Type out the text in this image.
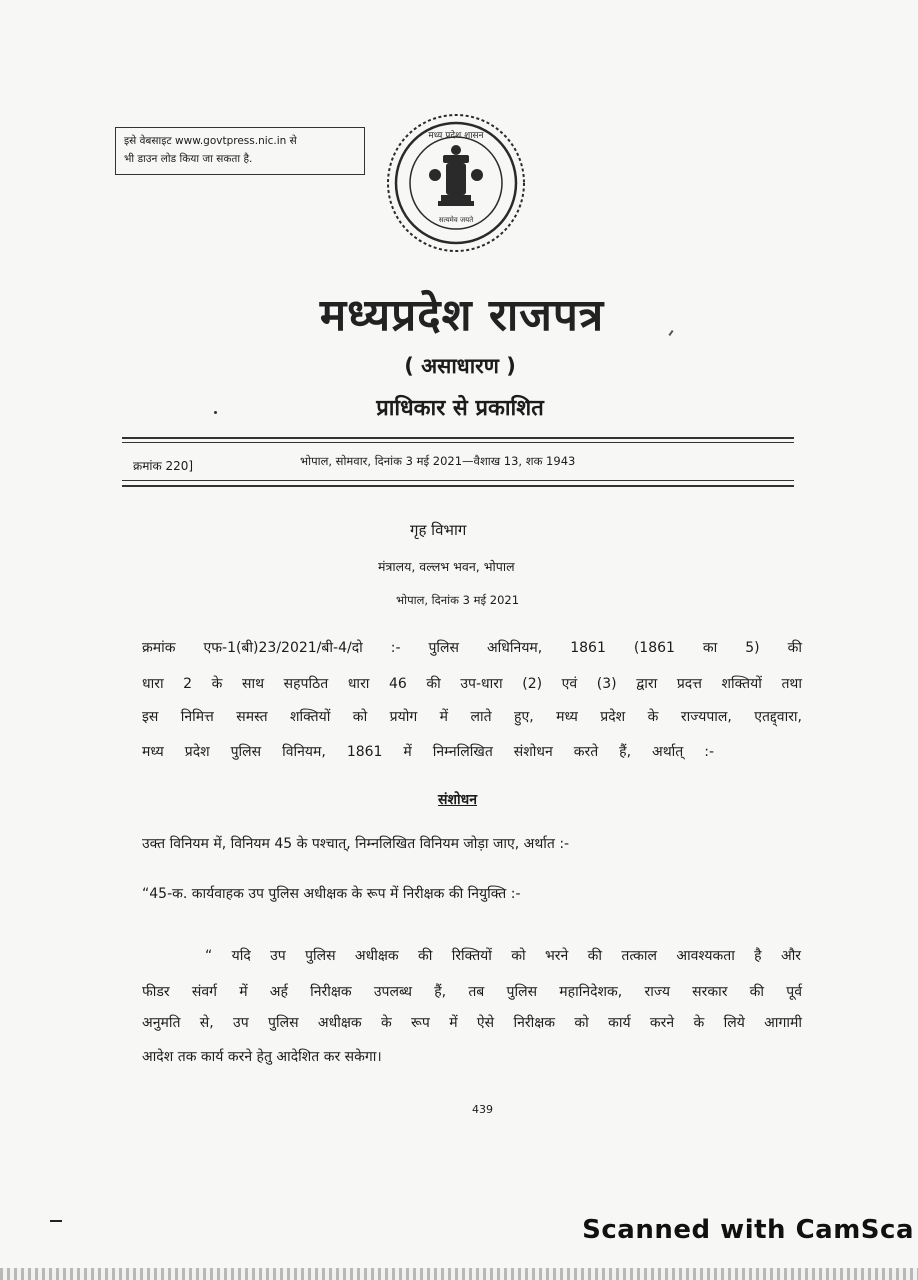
इसे वेबसाइट www.govtpress.nic.in से
भी डाउन लोड किया जा सकता है.
मध्य प्रदेश शासन
सत्यमेव जयते
मध्यप्रदेश राजपत्र
( असाधारण )
प्राधिकार से प्रकाशित
क्रमांक 220]	भोपाल, सोमवार, दिनांक 3 मई 2021—वैशाख 13, शक 1943
गृह विभाग
मंत्रालय, वल्लभ भवन, भोपाल
भोपाल, दिनांक 3 मई 2021
क्रमांक एफ-1(बी)23/2021/बी-4/दो :- पुलिस अधिनियम, 1861 (1861 का 5) की
धारा 2 के साथ सहपठित धारा 46 की उप-धारा (2) एवं (3) द्वारा प्रदत्त शक्तियों तथा
इस निमित्त समस्त शक्तियों को प्रयोग में लाते हुए, मध्य प्रदेश के राज्यपाल, एतद्द्वारा,
मध्य प्रदेश पुलिस विनियम, 1861 में निम्नलिखित संशोधन करते हैं, अर्थात् :-
संशोधन
उक्त विनियम में, विनियम 45 के पश्चात्, निम्नलिखित विनियम जोड़ा जाए, अर्थात :-
“45-क. कार्यवाहक उप पुलिस अधीक्षक के रूप में निरीक्षक की नियुक्ति :-
“ यदि उप पुलिस अधीक्षक की रिक्तियों को भरने की तत्काल आवश्यकता है और
फीडर संवर्ग में अर्ह निरीक्षक उपलब्ध हैं, तब पुलिस महानिदेशक, राज्य सरकार की पूर्व
अनुमति से, उप पुलिस अधीक्षक के रूप में ऐसे निरीक्षक को कार्य करने के लिये आगामी
आदेश तक कार्य करने हेतु आदेशित कर सकेगा।
439
Scanned with CamSca
